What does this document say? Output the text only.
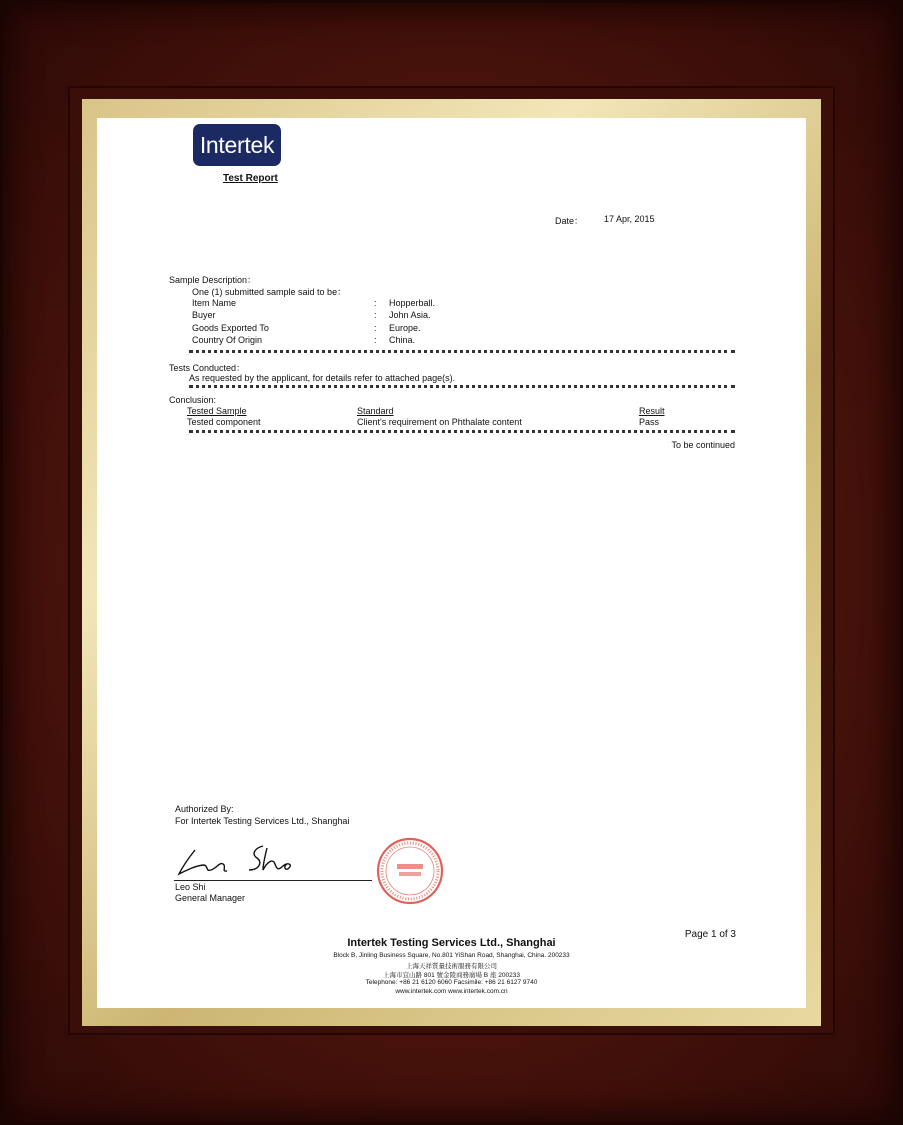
Intertek
Test Report
Date： 17 Apr, 2015
Sample Description：
One (1) submitted sample said to be：
Item Name	: Hopperball.
Buyer	: John Asia.
Goods Exported To	: Europe.
Country Of Origin	: China.
Tests Conducted：
As requested by the applicant, for details refer to attached page(s).
Conclusion:
Tested Sample	Standard	Result
Tested component	Client's requirement on Phthalate content	Pass
To be continued
Authorized By:
For Intertek Testing Services Ltd., Shanghai
Leo Shi
General Manager
Page 1 of 3
Intertek Testing Services Ltd., Shanghai
Block B, Jinling Business Square, No.801 YiShan Road, Shanghai, China. 200233
上海天祥質量技術服務有限公司
上海市宜山路 801 號金陵商務廣場 B 座 200233
Telephone: +86 21 6120 6060 Facsimile: +86 21 6127 9740
www.intertek.com www.intertek.com.cn
